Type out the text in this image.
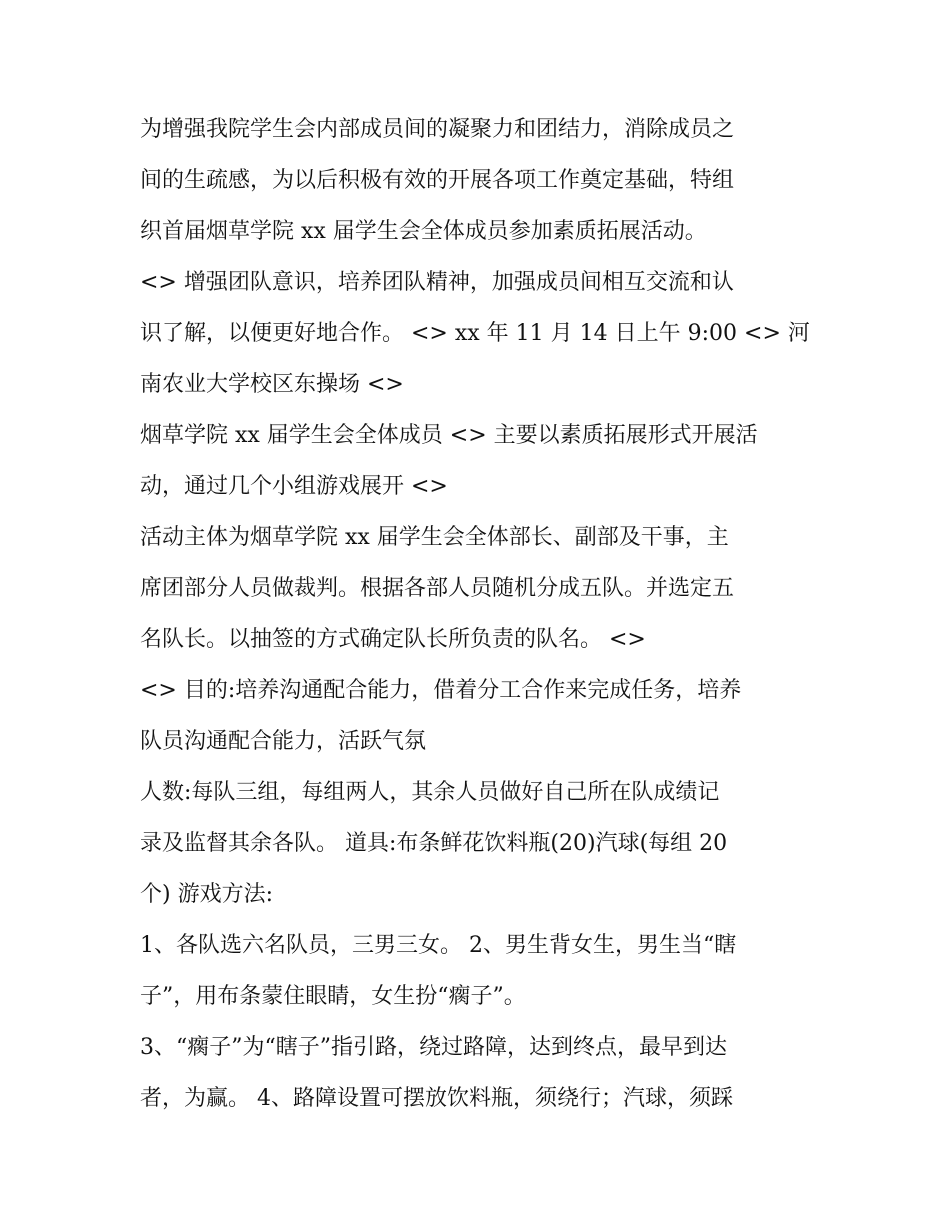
为增强我院学生会内部成员间的凝聚力和团结力，消除成员之
间的生疏感，为以后积极有效的开展各项工作奠定基础，特组
织首届烟草学院 xx 届学生会全体成员参加素质拓展活动。

<> 增强团队意识，培养团队精神，加强成员间相互交流和认
识了解，以便更好地合作。 <> xx 年 11 月 14 日上午 9:00 <> 河
南农业大学校区东操场 <>

烟草学院 xx 届学生会全体成员 <> 主要以素质拓展形式开展活
动，通过几个小组游戏展开 <>

活动主体为烟草学院 xx 届学生会全体部长、副部及干事，主
席团部分人员做裁判。根据各部人员随机分成五队。并选定五
名队长。以抽签的方式确定队长所负责的队名。 <>

<> 目的:培养沟通配合能力，借着分工合作来完成任务，培养
队员沟通配合能力，活跃气氛

人数:每队三组，每组两人，其余人员做好自己所在队成绩记
录及监督其余各队。 道具:布条鲜花饮料瓶(20)汽球(每组 20
个) 游戏方法:

1、各队选六名队员，三男三女。 2、男生背女生，男生当“瞎
子”，用布条蒙住眼睛，女生扮“瘸子”。

3、“瘸子”为“瞎子”指引路，绕过路障，达到终点，最早到达
者，为赢。 4、路障设置可摆放饮料瓶，须绕行；汽球，须踩
